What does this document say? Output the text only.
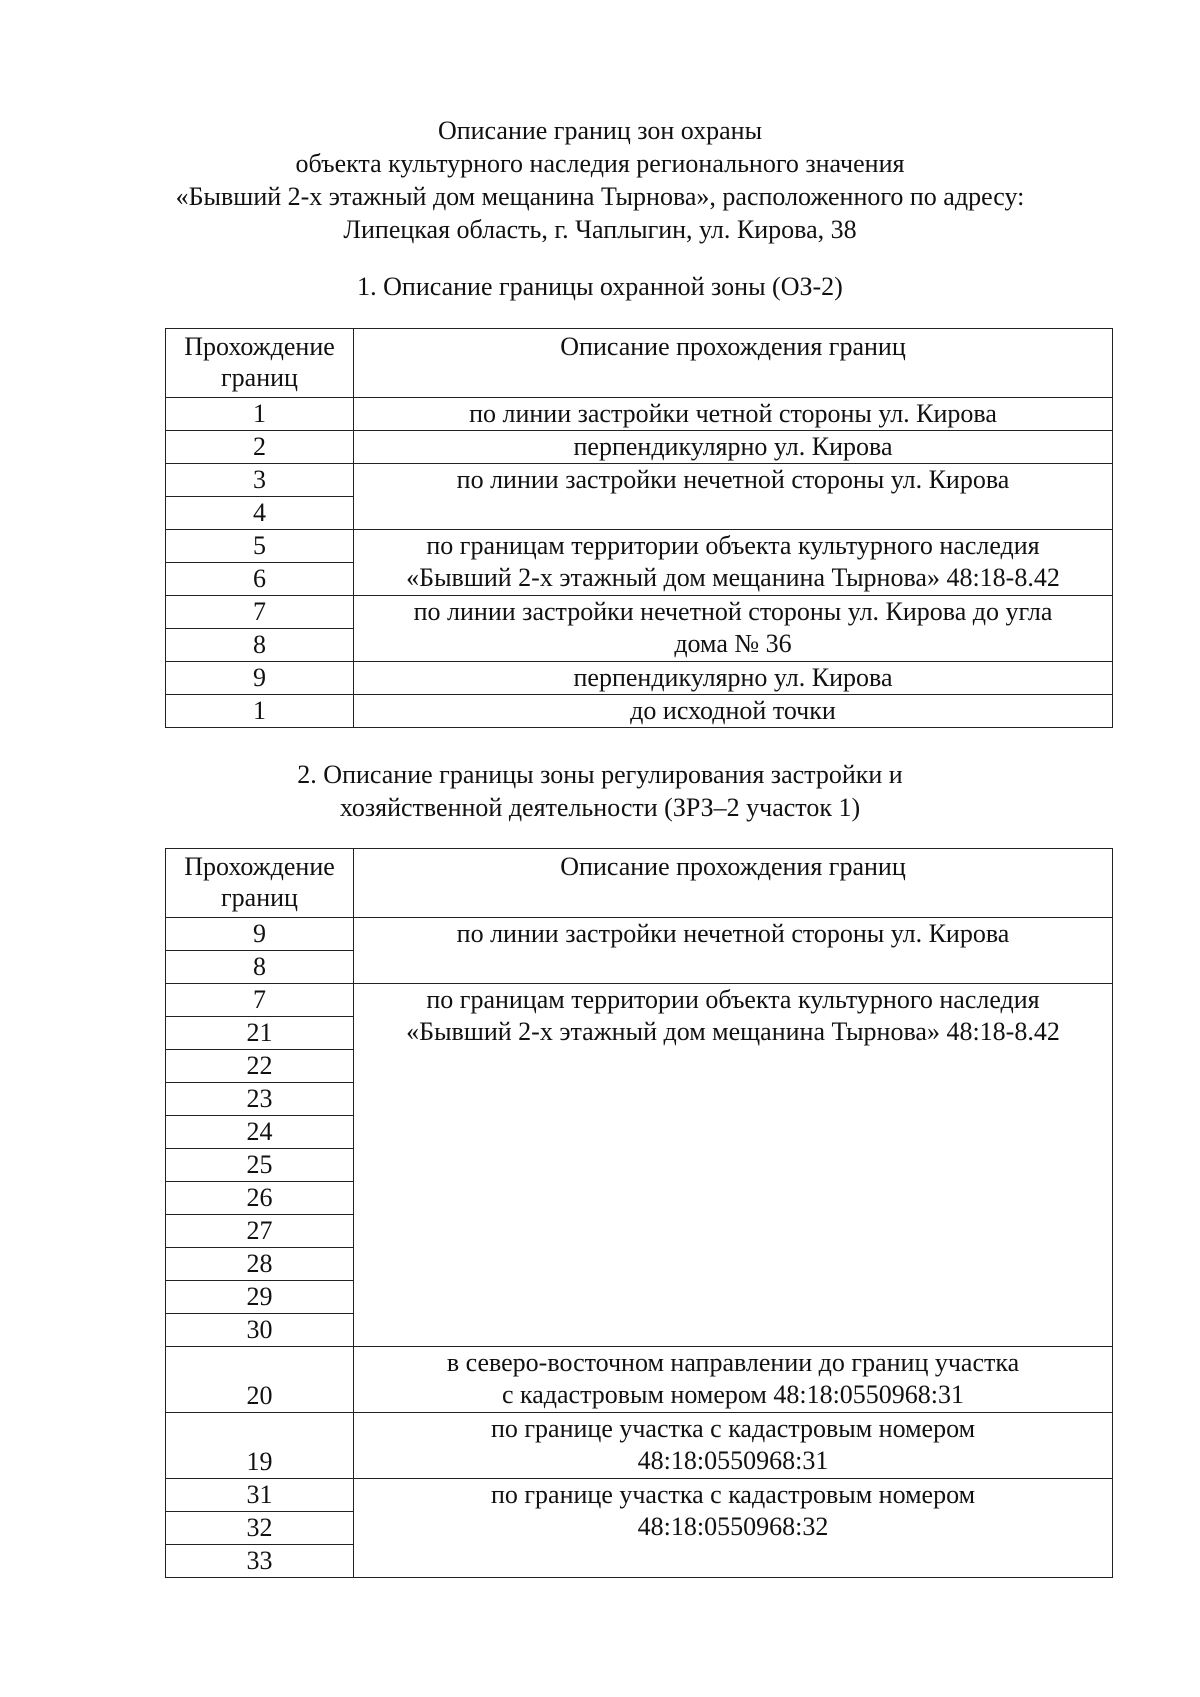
Описание границ зон охраны
объекта культурного наследия регионального значения
«Бывший 2-х этажный дом мещанина Тырнова», расположенного по адресу:
Липецкая область, г. Чаплыгин, ул. Кирова, 38
1. Описание границы охранной зоны (ОЗ-2)
Прохождение
границ	Описание прохождения границ
1	по линии застройки четной стороны ул. Кирова
2	перпендикулярно ул. Кирова
3	по линии застройки нечетной стороны ул. Кирова
4	
5	по границам территории объекта культурного наследия
«Бывший 2-х этажный дом мещанина Тырнова» 48:18-8.42

6	
7	по линии застройки нечетной стороны ул. Кирова до угла
дома № 36

8	
9	перпендикулярно ул. Кирова
1	до исходной точки
2. Описание границы зоны регулирования застройки и
хозяйственной деятельности (ЗРЗ–2 участок 1)
Прохождение
границ	Описание прохождения границ
9	по линии застройки нечетной стороны ул. Кирова
8	
7	по границам территории объекта культурного наследия
«Бывший 2-х этажный дом мещанина Тырнова» 48:18-8.42

21	
22	
23	
24	
25	
26	
27	
28	
29	
30	
20	в северо-восточном направлении до границ участка
с кадастровым номером 48:18:0550968:31

19	по границе участка с кадастровым номером
48:18:0550968:31

31	по границе участка с кадастровым номером
48:18:0550968:32

32	
33	
